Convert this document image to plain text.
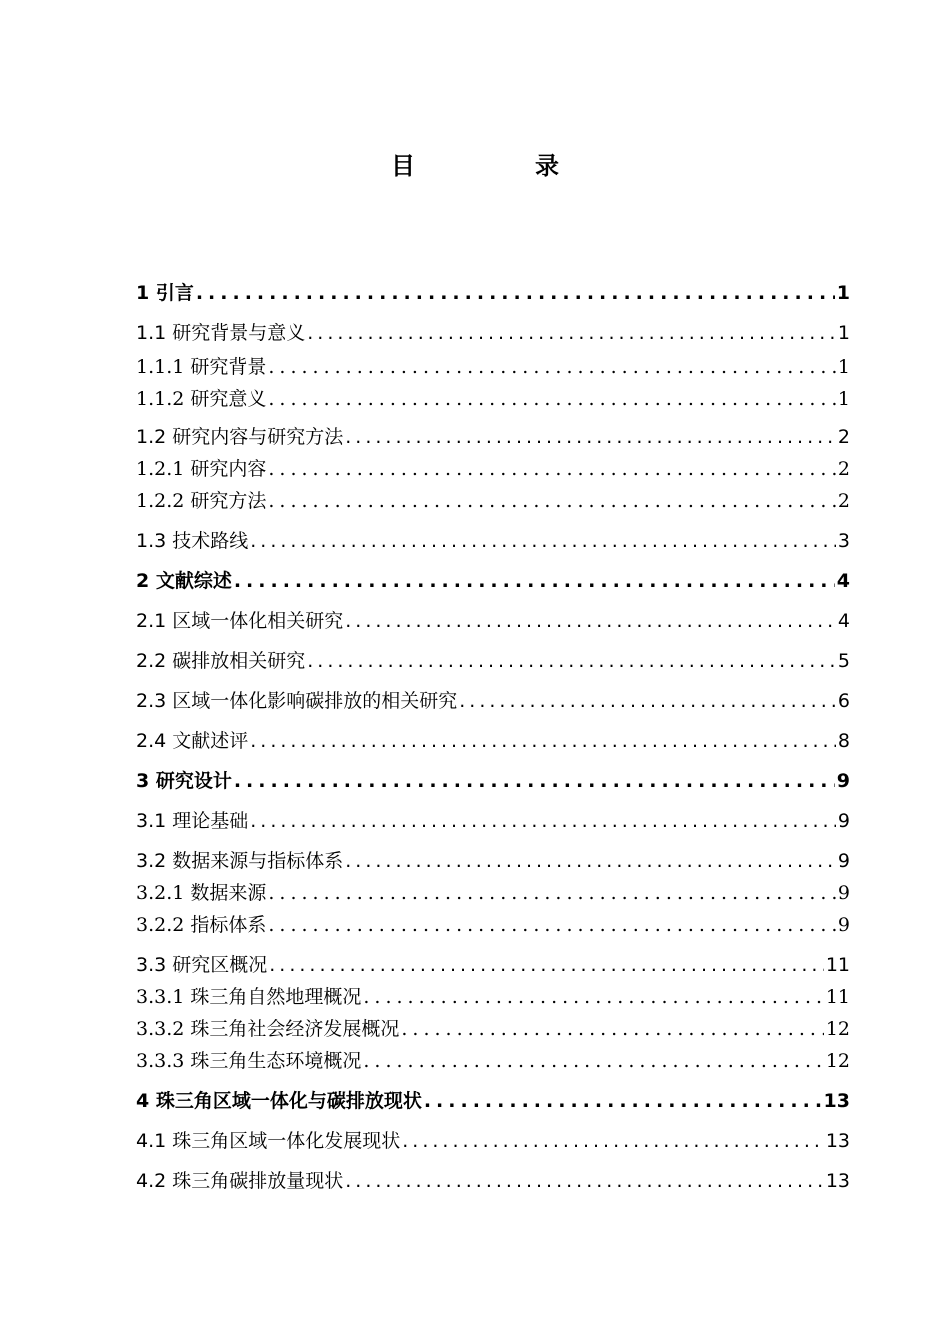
目　录
1 引言 .....	1
1.1 研究背景与意义 .....	1
1.1.1 研究背景 .....	1
1.1.2 研究意义 .....	1
1.2 研究内容与研究方法 .....	2
1.2.1 研究内容 .....	2
1.2.2 研究方法 .....	2
1.3 技术路线 .....	3
2 文献综述 .....	4
2.1 区域一体化相关研究 .....	4
2.2 碳排放相关研究 .....	5
2.3 区域一体化影响碳排放的相关研究 .....	6
2.4 文献述评 .....	8
3 研究设计 .....	9
3.1 理论基础 .....	9
3.2 数据来源与指标体系 .....	9
3.2.1 数据来源 .....	9
3.2.2 指标体系 .....	9
3.3 研究区概况 .....	11
3.3.1 珠三角自然地理概况 .....	11
3.3.2 珠三角社会经济发展概况 .....	12
3.3.3 珠三角生态环境概况 .....	12
4 珠三角区域一体化与碳排放现状 .....	13
4.1 珠三角区域一体化发展现状 .....	13
4.2 珠三角碳排放量现状 .....	13
